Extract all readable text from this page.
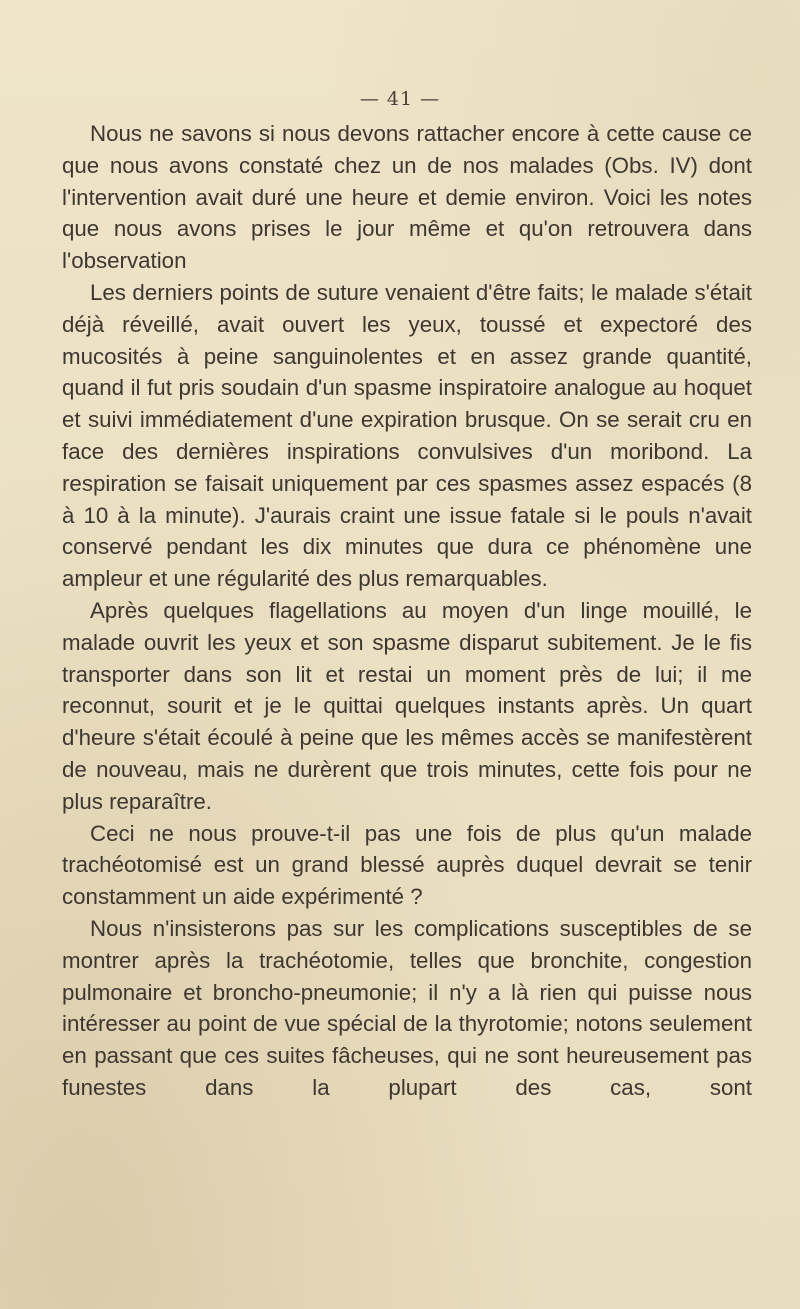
— 41 —

Nous ne savons si nous devons rattacher encore à cette cause ce que nous avons constaté chez un de nos malades (Obs. IV) dont l'intervention avait duré une heure et demie environ. Voici les notes que nous avons prises le jour même et qu'on retrouvera dans l'observation

Les derniers points de suture venaient d'être faits; le malade s'était déjà réveillé, avait ouvert les yeux, toussé et expectoré des mucosités à peine sanguinolentes et en assez grande quantité, quand il fut pris soudain d'un spasme inspiratoire analogue au hoquet et suivi immédiatement d'une expiration brusque. On se serait cru en face des dernières inspirations convulsives d'un moribond. La respiration se faisait uniquement par ces spasmes assez espacés (8 à 10 à la minute). J'aurais craint une issue fatale si le pouls n'avait conservé pendant les dix minutes que dura ce phénomène une ampleur et une régularité des plus remarquables.

Après quelques flagellations au moyen d'un linge mouillé, le malade ouvrit les yeux et son spasme disparut subitement. Je le fis transporter dans son lit et restai un moment près de lui; il me reconnut, sourit et je le quittai quelques instants après. Un quart d'heure s'était écoulé à peine que les mêmes accès se manifestèrent de nouveau, mais ne durèrent que trois minutes, cette fois pour ne plus reparaître.

Ceci ne nous prouve-t-il pas une fois de plus qu'un malade trachéotomisé est un grand blessé auprès duquel devrait se tenir constamment un aide expérimenté ?

Nous n'insisterons pas sur les complications susceptibles de se montrer après la trachéotomie, telles que bronchite, congestion pulmonaire et broncho-pneumonie; il n'y a là rien qui puisse nous intéresser au point de vue spécial de la thyrotomie; notons seulement en passant que ces suites fâcheuses, qui ne sont heureusement pas funestes dans la plupart des cas, sont
